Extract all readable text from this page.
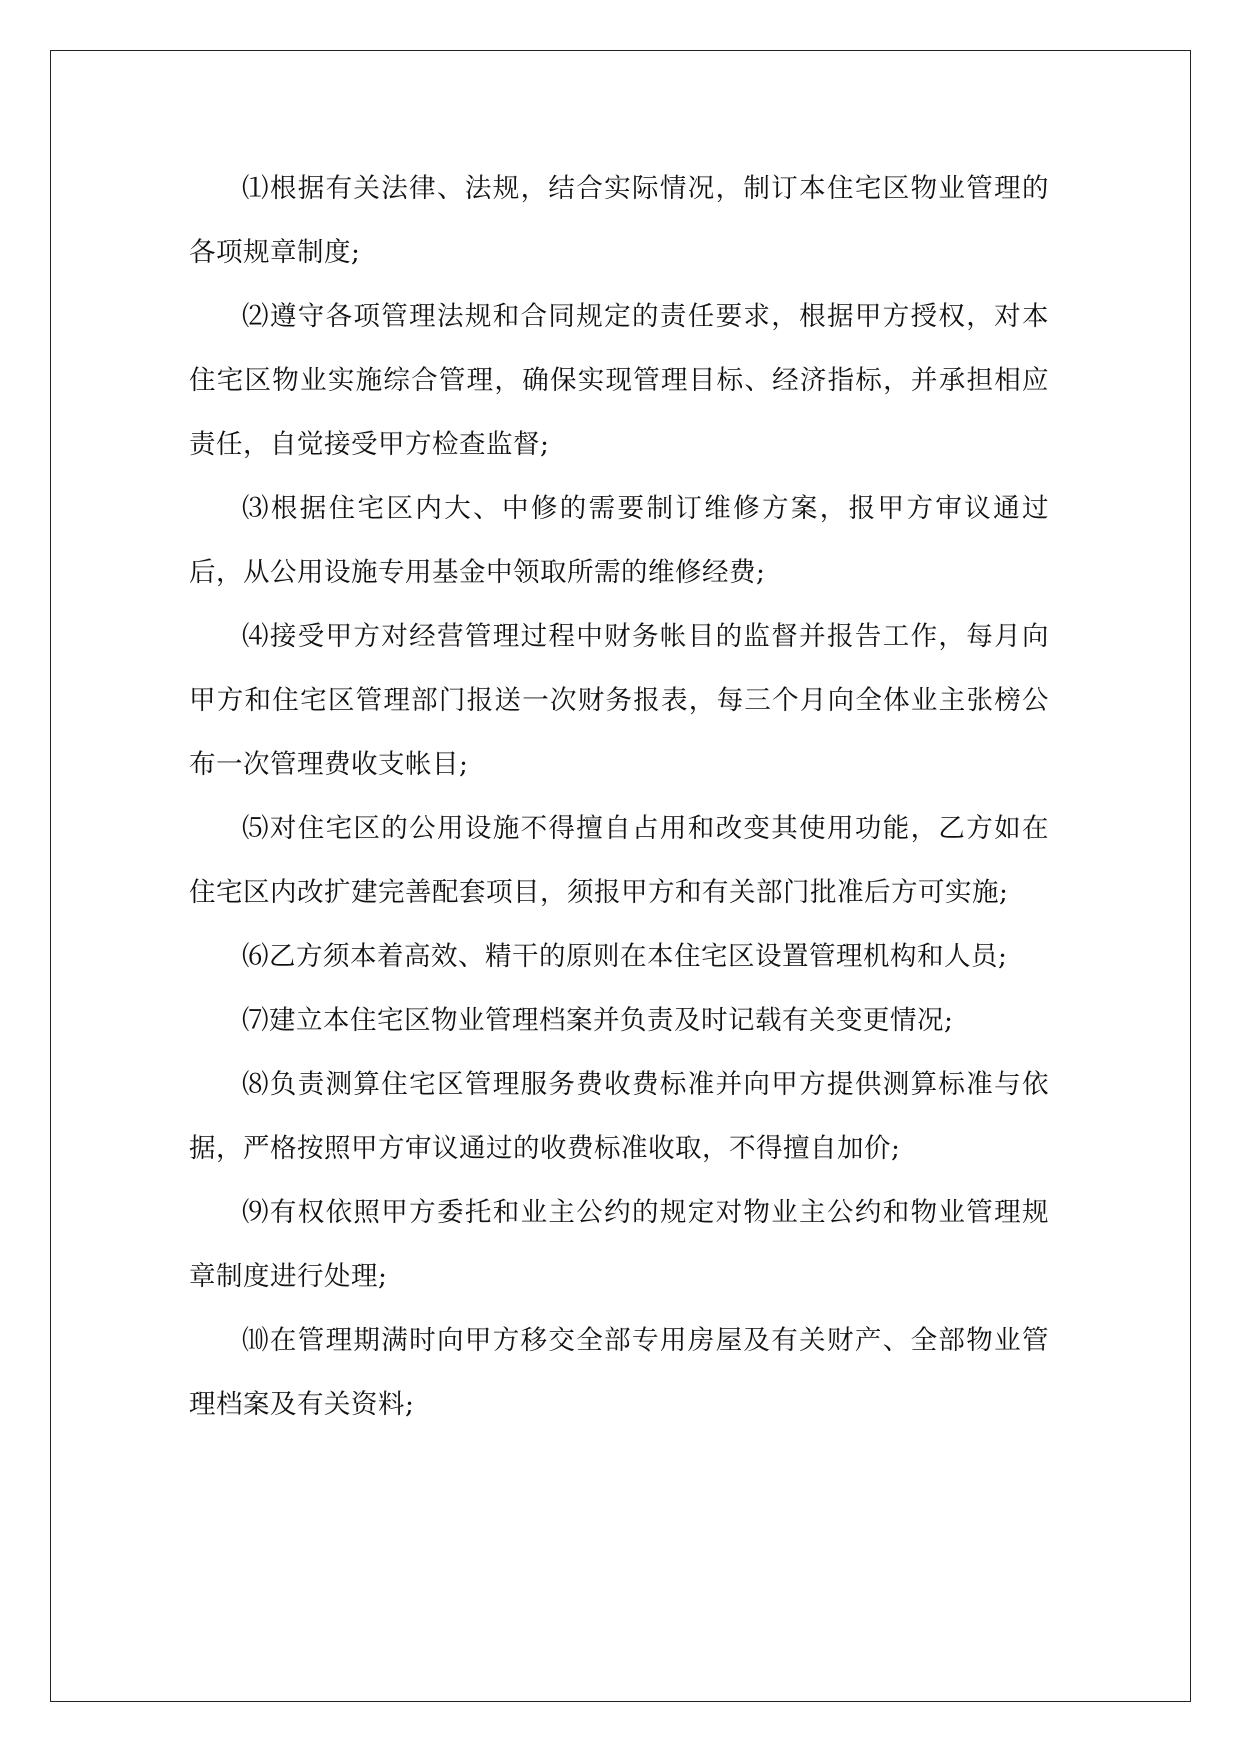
⑴根据有关法律、法规，结合实际情况，制订本住宅区物业管理的各项规章制度;

⑵遵守各项管理法规和合同规定的责任要求，根据甲方授权，对本住宅区物业实施综合管理，确保实现管理目标、经济指标，并承担相应责任，自觉接受甲方检查监督;

⑶根据住宅区内大、中修的需要制订维修方案，报甲方审议通过后，从公用设施专用基金中领取所需的维修经费;

⑷接受甲方对经营管理过程中财务帐目的监督并报告工作，每月向甲方和住宅区管理部门报送一次财务报表，每三个月向全体业主张榜公布一次管理费收支帐目;

⑸对住宅区的公用设施不得擅自占用和改变其使用功能，乙方如在住宅区内改扩建完善配套项目，须报甲方和有关部门批准后方可实施;

⑹乙方须本着高效、精干的原则在本住宅区设置管理机构和人员;

⑺建立本住宅区物业管理档案并负责及时记载有关变更情况;

⑻负责测算住宅区管理服务费收费标准并向甲方提供测算标准与依据，严格按照甲方审议通过的收费标准收取，不得擅自加价;

⑼有权依照甲方委托和业主公约的规定对物业主公约和物业管理规章制度进行处理;

⑽在管理期满时向甲方移交全部专用房屋及有关财产、全部物业管理档案及有关资料;
